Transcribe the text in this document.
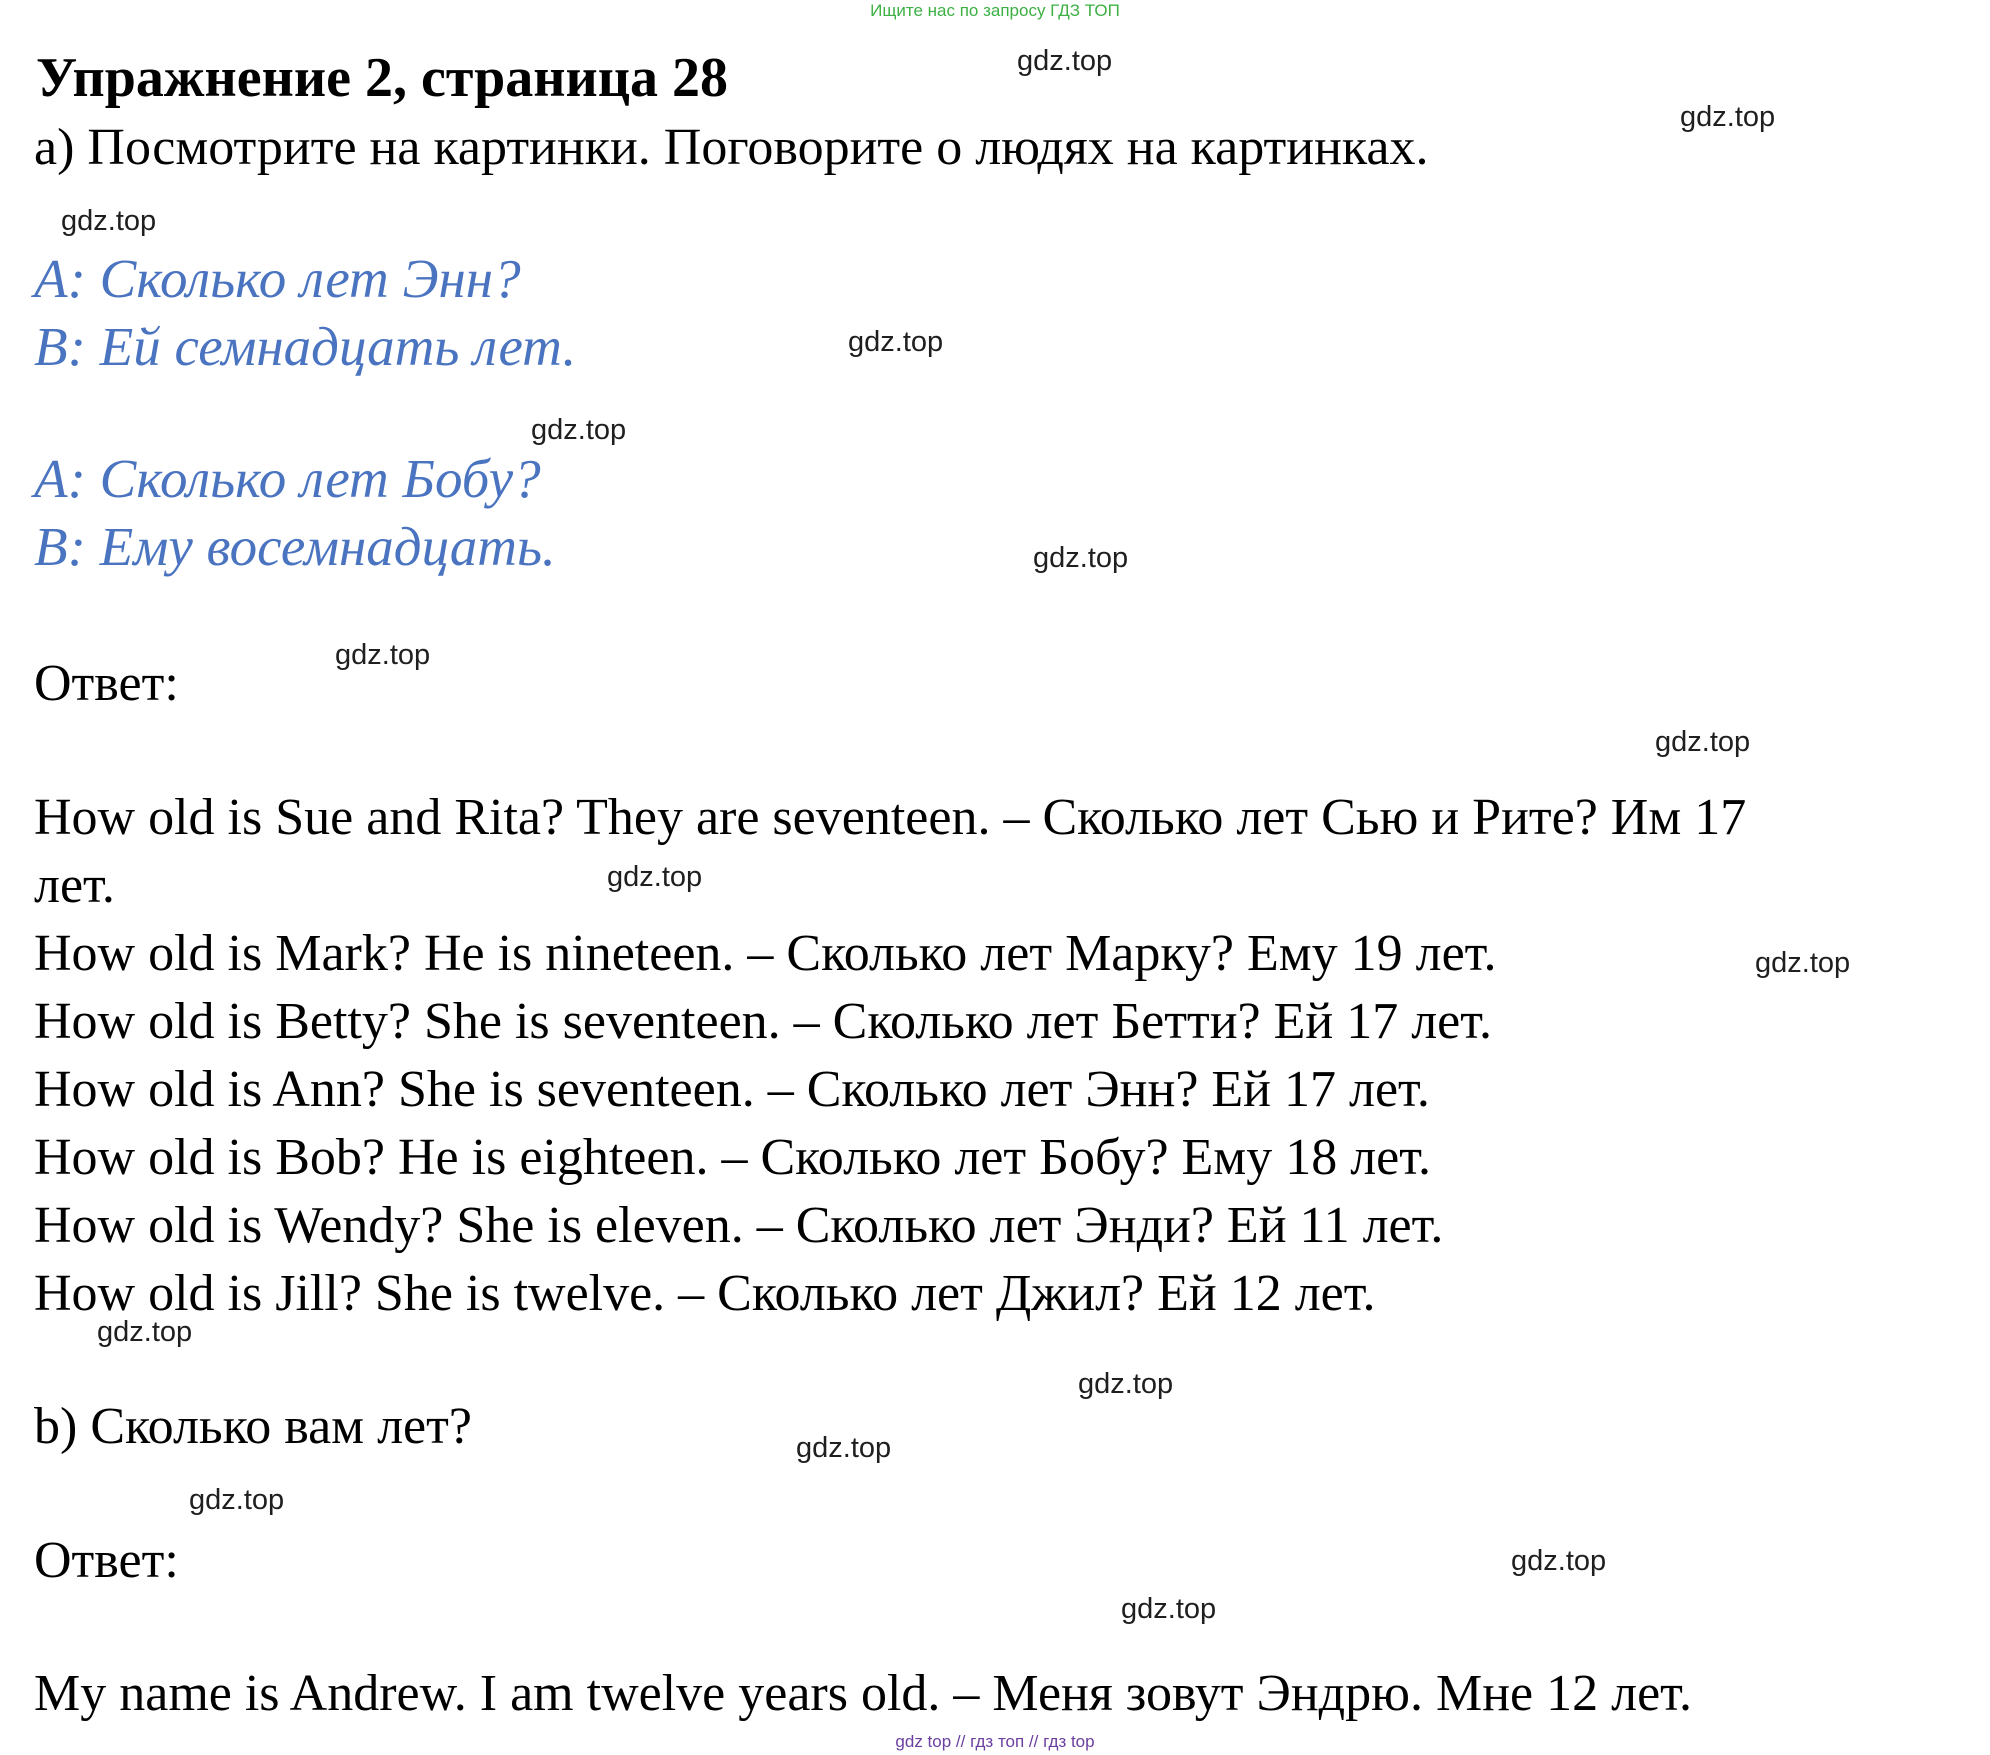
Ищите нас по запросу ГДЗ ТОП
Упражнение 2, страница 28
a) Посмотрите на картинки. Поговорите о людях на картинках.
A: Сколько лет Энн?
B: Ей семнадцать лет.
A: Сколько лет Бобу?
B: Ему восемнадцать.
Ответ:
How old is Sue and Rita? They are seventeen. – Сколько лет Сью и Рите? Им 17
лет.
How old is Mark? He is nineteen. – Сколько лет Марку? Ему 19 лет.
How old is Betty? She is seventeen. – Сколько лет Бетти? Ей 17 лет.
How old is Ann? She is seventeen. – Сколько лет Энн? Ей 17 лет.
How old is Bob? He is eighteen. – Сколько лет Бобу? Ему 18 лет.
How old is Wendy? She is eleven. – Сколько лет Энди? Ей 11 лет.
How old is Jill? She is twelve. – Сколько лет Джил? Ей 12 лет.
b) Сколько вам лет?
Ответ:
My name is Andrew. I am twelve years old. – Меня зовут Эндрю. Мне 12 лет.
gdz.top
gdz.top
gdz.top
gdz.top
gdz.top
gdz.top
gdz.top
gdz.top
gdz.top
gdz.top
gdz.top
gdz.top
gdz.top
gdz.top
gdz.top
gdz.top
gdz top // гдз топ // гдз top
